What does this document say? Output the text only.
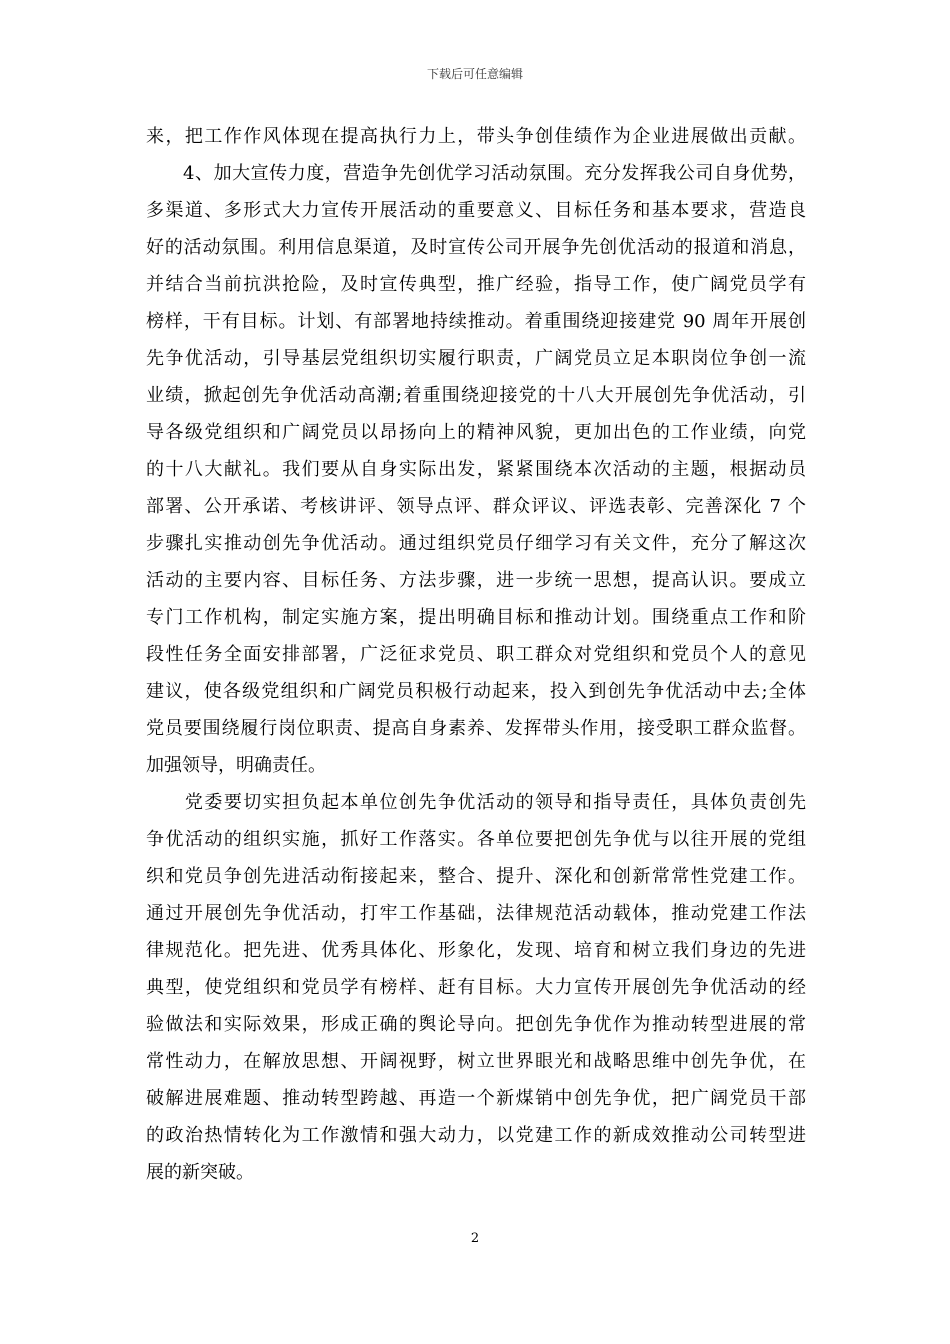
下载后可任意编辑
来，把工作作风体现在提高执行力上，带头争创佳绩作为企业进展做出贡献。
　　4、加大宣传力度，营造争先创优学习活动氛围。充分发挥我公司自身优势，
多渠道、多形式大力宣传开展活动的重要意义、目标任务和基本要求，营造良
好的活动氛围。利用信息渠道，及时宣传公司开展争先创优活动的报道和消息，
并结合当前抗洪抢险，及时宣传典型，推广经验，指导工作，使广阔党员学有
榜样，干有目标。计划、有部署地持续推动。着重围绕迎接建党 90 周年开展创
先争优活动，引导基层党组织切实履行职责，广阔党员立足本职岗位争创一流
业绩，掀起创先争优活动高潮;着重围绕迎接党的十八大开展创先争优活动，引
导各级党组织和广阔党员以昂扬向上的精神风貌，更加出色的工作业绩，向党
的十八大献礼。我们要从自身实际出发，紧紧围绕本次活动的主题，根据动员
部署、公开承诺、考核讲评、领导点评、群众评议、评选表彰、完善深化 7 个
步骤扎实推动创先争优活动。通过组织党员仔细学习有关文件，充分了解这次
活动的主要内容、目标任务、方法步骤，进一步统一思想，提高认识。要成立
专门工作机构，制定实施方案，提出明确目标和推动计划。围绕重点工作和阶
段性任务全面安排部署，广泛征求党员、职工群众对党组织和党员个人的意见
建议，使各级党组织和广阔党员积极行动起来，投入到创先争优活动中去;全体
党员要围绕履行岗位职责、提高自身素养、发挥带头作用，接受职工群众监督。
加强领导，明确责任。
　　党委要切实担负起本单位创先争优活动的领导和指导责任，具体负责创先
争优活动的组织实施，抓好工作落实。各单位要把创先争优与以往开展的党组
织和党员争创先进活动衔接起来，整合、提升、深化和创新常常性党建工作。
通过开展创先争优活动，打牢工作基础，法律规范活动载体，推动党建工作法
律规范化。把先进、优秀具体化、形象化，发现、培育和树立我们身边的先进
典型，使党组织和党员学有榜样、赶有目标。大力宣传开展创先争优活动的经
验做法和实际效果，形成正确的舆论导向。把创先争优作为推动转型进展的常
常性动力，在解放思想、开阔视野，树立世界眼光和战略思维中创先争优，在
破解进展难题、推动转型跨越、再造一个新煤销中创先争优，把广阔党员干部
的政治热情转化为工作激情和强大动力，以党建工作的新成效推动公司转型进
展的新突破。
2
